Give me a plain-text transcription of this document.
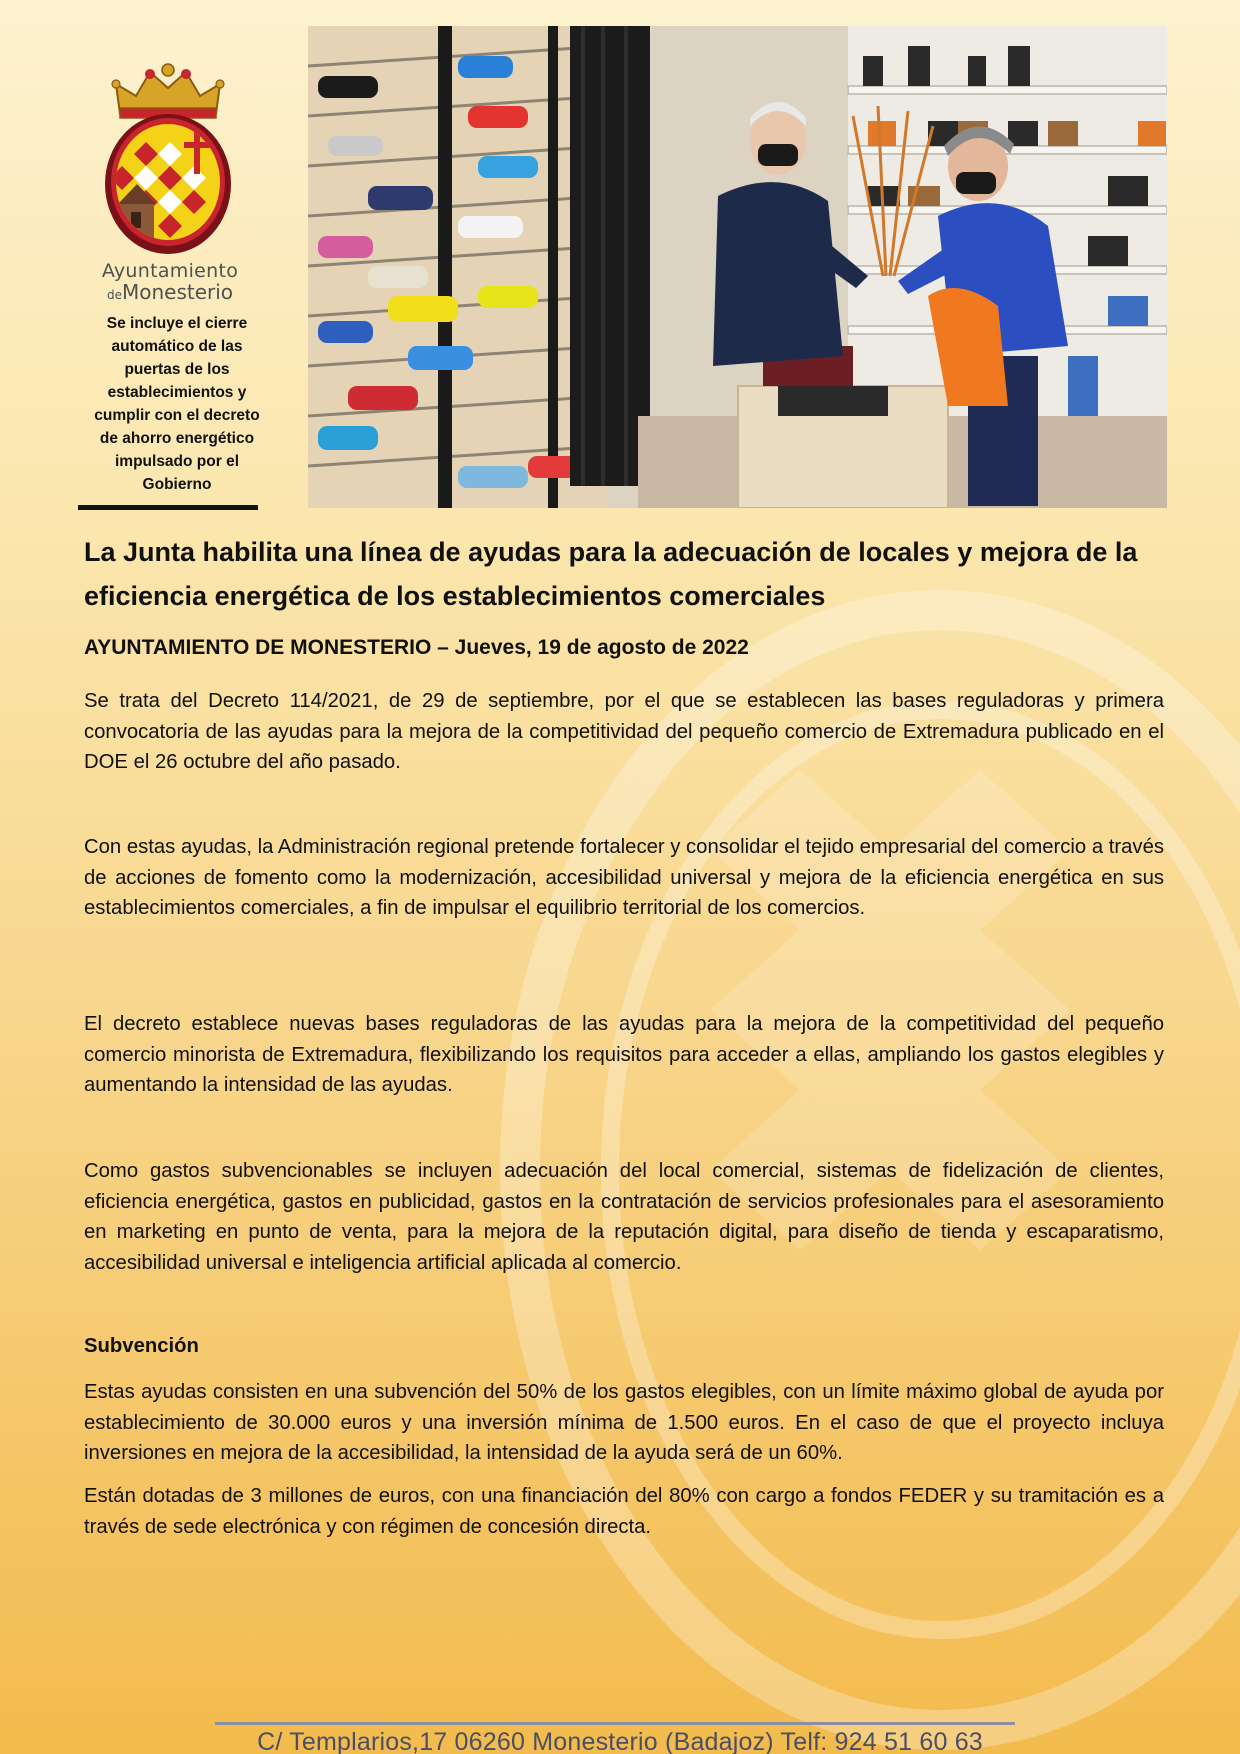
Ayuntamiento
deMonesterio

Se incluye el cierre automático de las puertas de los establecimientos y cumplir con el decreto de ahorro energético impulsado por el Gobierno

La Junta habilita una línea de ayudas para la adecuación de locales y mejora de la eficiencia energética de los establecimientos comerciales

AYUNTAMIENTO DE MONESTERIO – Jueves, 19 de agosto de 2022

Se trata del Decreto 114/2021, de 29 de septiembre, por el que se establecen las bases reguladoras y primera convocatoria de las ayudas para la mejora de la competitividad del pequeño comercio de Extremadura publicado en el DOE el 26 octubre del año pasado.

Con estas ayudas, la Administración regional pretende fortalecer y consolidar el tejido empresarial del comercio a través de acciones de fomento como la modernización, accesibilidad universal y mejora de la eficiencia energética en sus establecimientos comerciales, a fin de impulsar el equilibrio territorial de los comercios.

El decreto establece nuevas bases reguladoras de las ayudas para la mejora de la competitividad del pequeño comercio minorista de Extremadura, flexibilizando los requisitos para acceder a ellas, ampliando los gastos elegibles y aumentando la intensidad de las ayudas.

Como gastos subvencionables se incluyen adecuación del local comercial, sistemas de fidelización de clientes, eficiencia energética, gastos en publicidad, gastos en la contratación de servicios profesionales para el asesoramiento en marketing en punto de venta, para la mejora de la reputación digital, para diseño de tienda y escaparatismo, accesibilidad universal e inteligencia artificial aplicada al comercio.

Subvención

Estas ayudas consisten en una subvención del 50% de los gastos elegibles, con un límite máximo global de ayuda por establecimiento de 30.000 euros y una inversión mínima de 1.500 euros. En el caso de que el proyecto incluya inversiones en mejora de la accesibilidad, la intensidad de la ayuda será de un 60%.

Están dotadas de 3 millones de euros, con una financiación del 80% con cargo a fondos FEDER y su tramitación es a través de sede electrónica y con régimen de concesión directa.

C/ Templarios,17 06260 Monesterio (Badajoz) Telf: 924 51 60 63
